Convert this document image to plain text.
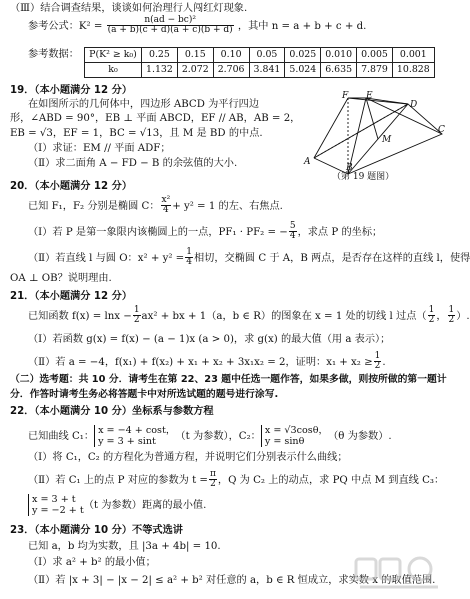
（Ⅲ）结合调查结果，谈谈如何治理行人闯红灯现象.
参考公式：$K^2 = \frac{\text{n(ad − bc)²}}{(a + b)(c + d)(a + c)(b + d)}$ ，其中 n = a + b + c + d.
参考数据： P(K² ≥ k₀)	0.25	0.15	0.10	0.05	0.025	0.010	0.005	0.001
k₀	1.132	2.072	2.706	3.841	5.024	6.635	7.879	10.828
19．（本小题满分 12 分）
在如图所示的几何体中，四边形 ABCD 为平行四边
形，∠ABD = 90°，EB ⊥ 平面 ABCD，EF // AB，AB = 2，
EB = √3，EF = 1，BC = √13，且 M 是 BD 的中点.
（Ⅰ）求证：EM // 平面 ADF；
（Ⅱ）求二面角 A − FD − B 的余弦值的大小.
F E
D
M
A
B
C
（第 19 题图）
20．（本小题满分 12 分）
已知 F₁，F₂ 分别是椭圆 C： $\frac{\text{x²}}{4} + y^2 = 1$ 的左、右焦点.
（Ⅰ）若 P 是第一象限内该椭圆上的一点，PF₁ · PF₂ = − $\frac{5}{4}$ ，求点 P 的坐标；
（Ⅱ）若直线 l 与圆 O：$x^2 + y^2 = \frac{1}{4}$ 相切，交椭圆 C 于 A，B 两点，是否存在这样的直线 l，使得
OA ⊥ OB？说明理由.
21．（本小题满分 12 分）
已知函数 $f(x) = \ln x - \frac{1}{2} ax^2$ + bx + 1（a，b ∈ R）的图象在 x = 1 处的切线 l 过点（ $\frac{1}{2}$ ， $\frac{1}{2}$ ）.
（Ⅰ）若函数 g(x) = f(x) − (a − 1)x (a > 0)，求 g(x) 的最大值（用 a 表示）；
（Ⅱ）若 a = −4，f(x₁) + f(x₂) + x₁ + x₂ + 3x₁x₂ = 2，证明：$x_1 + x_2 \ge \frac{1}{2}$ .
（二）选考题：共 10 分．请考生在第 22、23 题中任选一题作答，如果多做，则按所做的第一题计
分．作答时请考生务必将答题卡中对所选试题的题号进行涂写.
22．（本小题满分 10 分）坐标系与参数方程
已知曲线 C₁：
x = −4 + cost，
y = 3 + sint	（t 为参数），C₂：
x = √3cosθ，
y = sinθ	（θ 为参数）.
（Ⅰ）将 C₁，C₂ 的方程化为普通方程，并说明它们分别表示什么曲线；
（Ⅱ）若 C₁ 上的点 P 对应的参数为 $t = \frac{\pi}{2}$ ，Q 为 C₂ 上的动点，求 PQ 中点 M 到直线 C₃：
x = 3 + t
y = −2 + t （t 为参数）距离的最小值.
23．（本小题满分 10 分）不等式选讲
已知 a，b 均为实数，且 |3a + 4b| = 10.
（Ⅰ）求 a² + b² 的最小值；
（Ⅱ）若 |x + 3| − |x − 2| ≤ a² + b² 对任意的 a，b ∈ R 恒成立，求实数 x 的取值范围.
